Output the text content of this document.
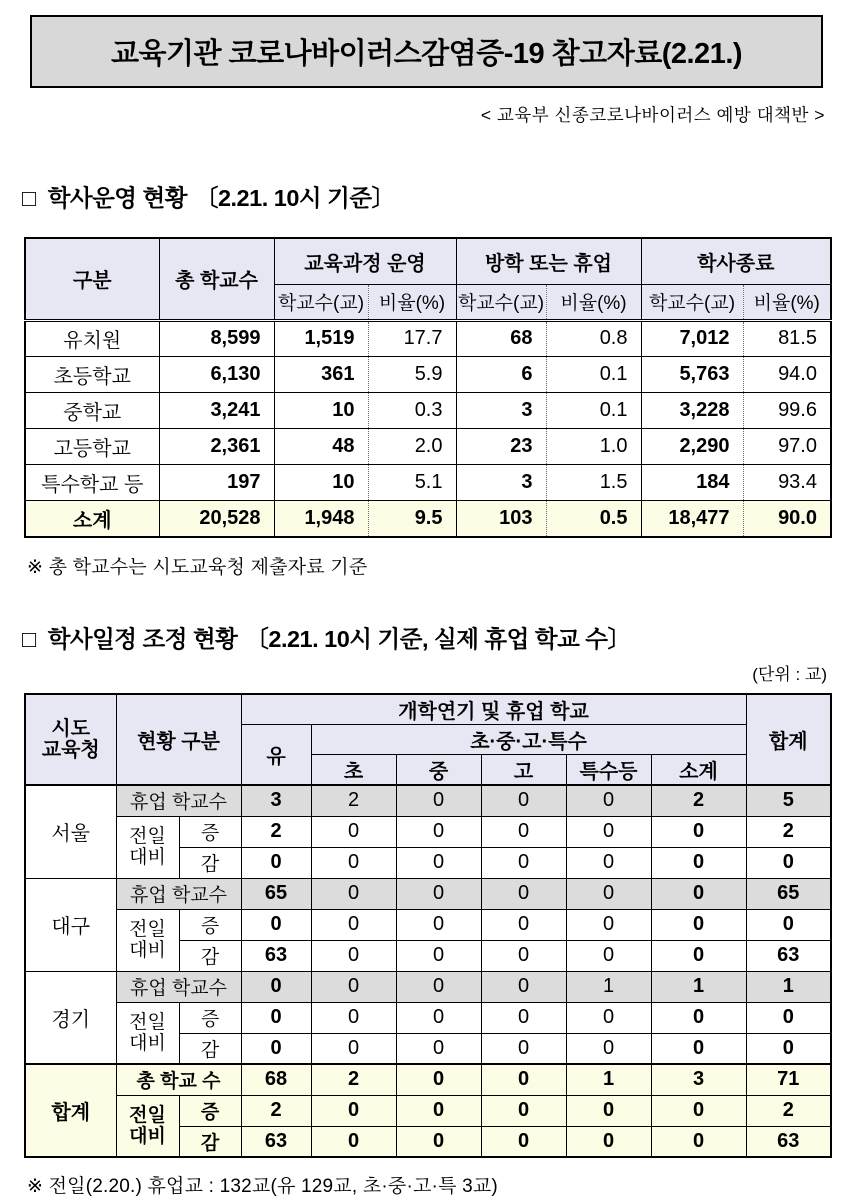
교육기관 코로나바이러스감염증-19 참고자료(2.21.)
< 교육부 신종코로나바이러스 예방 대책반 >
□ 학사운영 현황 〔2.21. 10시 기준〕
구분	총 학교수	교육과정 운영		방학 또는 휴업		학사종료	
		학교수(교)	비율(%)	학교수(교)	비율(%)	학교수(교)	비율(%)
유치원	8,599	1,519	17.7	68	0.8	7,012	81.5
초등학교	6,130	361	5.9	6	0.1	5,763	94.0
중학교	3,241	10	0.3	3	0.1	3,228	99.6
고등학교	2,361	48	2.0	23	1.0	2,290	97.0
특수학교 등	197	10	5.1	3	1.5	184	93.4
소계	20,528	1,948	9.5	103	0.5	18,477	90.0
※ 총 학교수는 시도교육청 제출자료 기준
□ 학사일정 조정 현황 〔2.21. 10시 기준, 실제 휴업 학교 수〕
(단위 : 교)
시도
교육청	현황 구분		개학연기 및 휴업 학교						합계
			유	초·중·고·특수					
				초	중	고	특수등	소계	
서울	휴업 학교수		3	2	0	0	0	2	5

	전일
대비	증	2	0	0	0	0	0	2
		감	0	0	0	0	0	0	0
대구	휴업 학교수		65	0	0	0	0	0	65

	전일
대비	증	0	0	0	0	0	0	0
		감	63	0	0	0	0	0	63
경기	휴업 학교수		0	0	0	0	1	1	1

	전일
대비	증	0	0	0	0	0	0	0
		감	0	0	0	0	0	0	0
합계	총 학교 수		68	2	0	0	1	3	71

	전일
대비	증	2	0	0	0	0	0	2
		감	63	0	0	0	0	0	63
※ 전일(2.20.) 휴업교 : 132교(유 129교, 초·중·고·특 3교)
